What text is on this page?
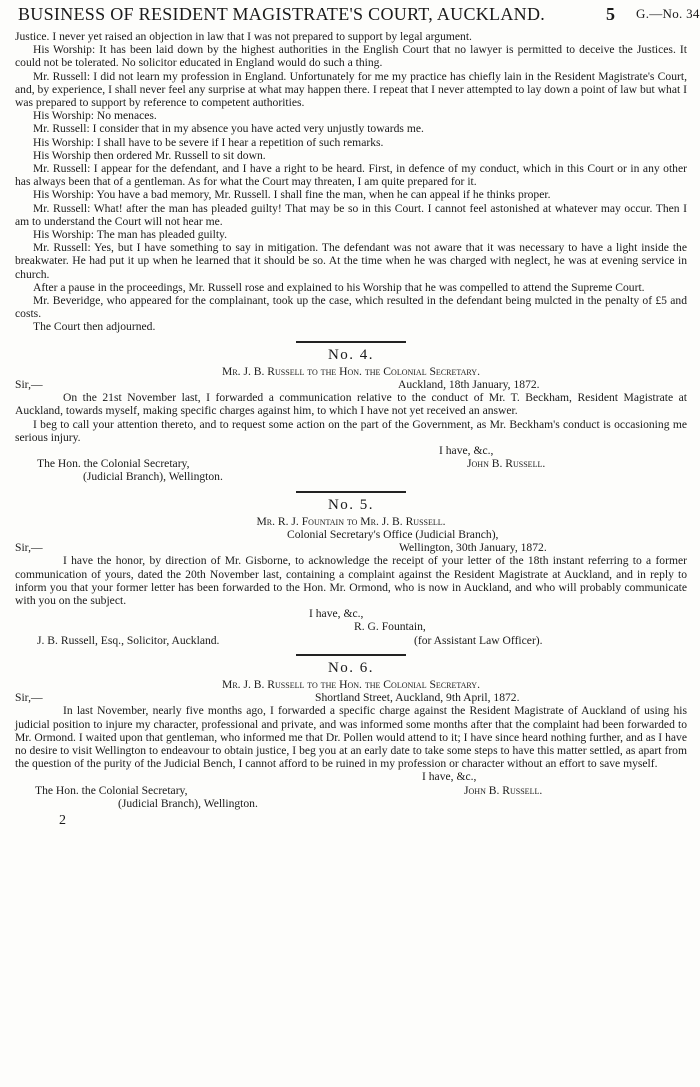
BUSINESS OF RESIDENT MAGISTRATE'S COURT, AUCKLAND.	5 G.—No. 34

Justice. I never yet raised an objection in law that I was not prepared to support by legal argument.

His Worship: It has been laid down by the highest authorities in the English Court that no lawyer is permitted to deceive the Justices. It could not be tolerated. No solicitor educated in England would do such a thing.

Mr. Russell: I did not learn my profession in England. Unfortunately for me my practice has chiefly lain in the Resident Magistrate's Court, and, by experience, I shall never feel any surprise at what may happen there. I repeat that I never attempted to lay down a point of law but what I was prepared to support by reference to competent authorities.

His Worship: No menaces.

Mr. Russell: I consider that in my absence you have acted very unjustly towards me.

His Worship: I shall have to be severe if I hear a repetition of such remarks.

His Worship then ordered Mr. Russell to sit down.

Mr. Russell: I appear for the defendant, and I have a right to be heard. First, in defence of my conduct, which in this Court or in any other has always been that of a gentleman. As for what the Court may threaten, I am quite prepared for it.

His Worship: You have a bad memory, Mr. Russell. I shall fine the man, when he can appeal if he thinks proper.

Mr. Russell: What! after the man has pleaded guilty! That may be so in this Court. I cannot feel astonished at whatever may occur. Then I am to understand the Court will not hear me.

His Worship: The man has pleaded guilty.

Mr. Russell: Yes, but I have something to say in mitigation. The defendant was not aware that it was necessary to have a light inside the breakwater. He had put it up when he learned that it should be so. At the time when he was charged with neglect, he was at evening service in church.

After a pause in the proceedings, Mr. Russell rose and explained to his Worship that he was compelled to attend the Supreme Court.

Mr. Beveridge, who appeared for the complainant, took up the case, which resulted in the defendant being mulcted in the penalty of £5 and costs.

The Court then adjourned.

No. 4.
Mr. J. B. Russell to the Hon. the Colonial Secretary.
Sir,—	Auckland, 18th January, 1872.

On the 21st November last, I forwarded a communication relative to the conduct of Mr. T. Beckham, Resident Magistrate at Auckland, towards myself, making specific charges against him, to which I have not yet received an answer.

I beg to call your attention thereto, and to request some action on the part of the Government, as Mr. Beckham's conduct is occasioning me serious injury.

I have, &c.,
The Hon. the Colonial Secretary,	John B. Russell.
(Judicial Branch), Wellington.
No. 5.
Mr. R. J. Fountain to Mr. J. B. Russell.
Colonial Secretary's Office (Judicial Branch),
Sir,—	Wellington, 30th January, 1872.

I have the honor, by direction of Mr. Gisborne, to acknowledge the receipt of your letter of the 18th instant referring to a former communication of yours, dated the 20th November last, containing a complaint against the Resident Magistrate at Auckland, and in reply to inform you that your former letter has been forwarded to the Hon. Mr. Ormond, who is now in Auckland, and who will probably communicate with you on the subject.

I have, &c.,
R. G. Fountain,
J. B. Russell, Esq., Solicitor, Auckland.	(for Assistant Law Officer).
No. 6.
Mr. J. B. Russell to the Hon. the Colonial Secretary.
Sir,—	Shortland Street, Auckland, 9th April, 1872.

In last November, nearly five months ago, I forwarded a specific charge against the Resident Magistrate of Auckland of using his judicial position to injure my character, professional and private, and was informed some months after that the complaint had been forwarded to Mr. Ormond. I waited upon that gentleman, who informed me that Dr. Pollen would attend to it; I have since heard nothing further, and as I have no desire to visit Wellington to endeavour to obtain justice, I beg you at an early date to take some steps to have this matter settled, as apart from the question of the purity of the Judicial Bench, I cannot afford to be ruined in my profession or character without an effort to save myself.

I have, &c.,
The Hon. the Colonial Secretary,	John B. Russell.
(Judicial Branch), Wellington.
2
